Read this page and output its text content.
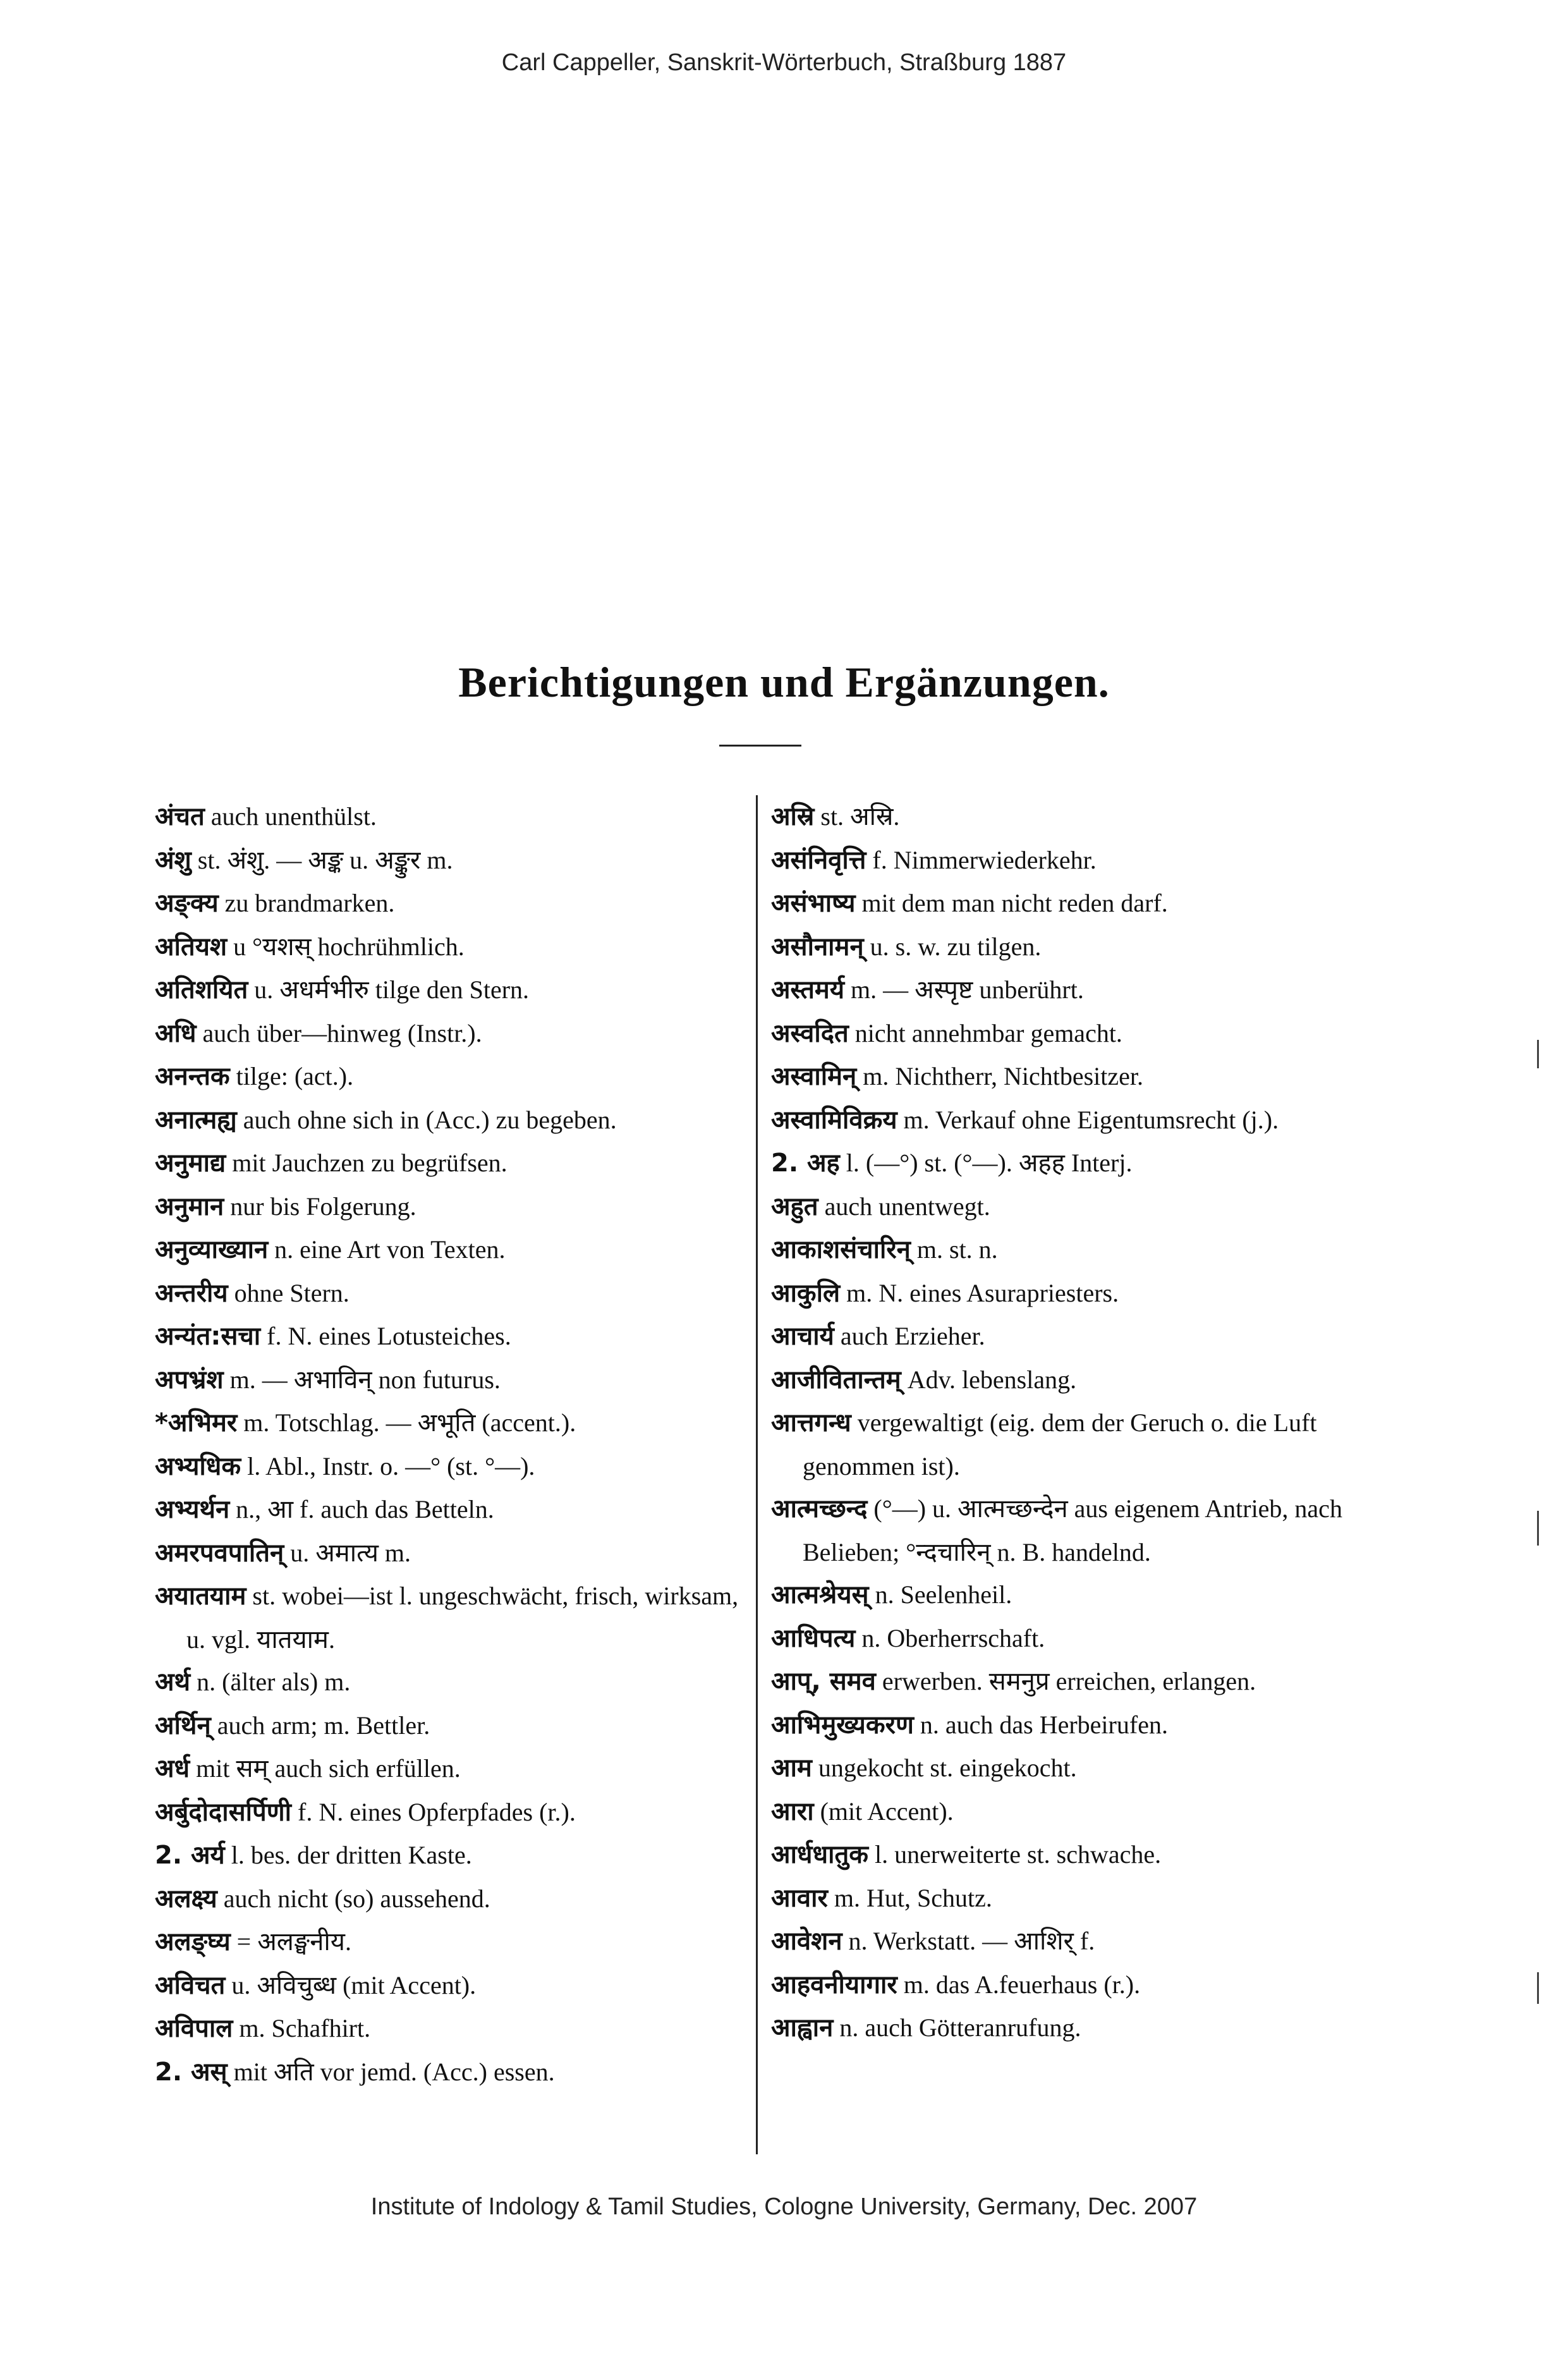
Carl Cappeller, Sanskrit-Wörterbuch, Straßburg 1887
Berichtigungen und Ergänzungen.

अंचत auch unenthülst.

अंशु st. अंशु. — अङ्क u. अङ्कुर m.

अङ्क्य zu brandmarken.

अतियश u °यशस् hochrühmlich.

अतिशयित u. अधर्मभीरु tilge den Stern.

अधि auch über—hinweg (Instr.).

अनन्तक tilge: (act.).

अनात्मह्य auch ohne sich in (Acc.) zu begeben.

अनुमाद्य mit Jauchzen zu begrüfsen.

अनुमान nur bis Folgerung.

अनुव्याख्यान n. eine Art von Texten.

अन्तरीय ohne Stern.

अन्यंत:सचा f. N. eines Lotusteiches.

अपभ्रंश m. — अभाविन् non futurus.

*अभिमर m. Totschlag. — अभूति (accent.).

अभ्यधिक l. Abl., Instr. o. —° (st. °—).

अभ्यर्थन n., आ f. auch das Betteln.

अमरपवपातिन् u. अमात्य m.

अयातयाम st. wobei—ist l. ungeschwächt, frisch, wirksam, u. vgl. यातयाम.

अर्थ n. (älter als) m.

अर्थिन् auch arm; m. Bettler.

अर्ध mit सम् auch sich erfüllen.

अर्बुदोदासर्पिणी f. N. eines Opferpfades (r.).

2. अर्य l. bes. der dritten Kaste.

अलक्ष्य auch nicht (so) aussehend.

अलङ्घ्य = अलङ्घनीय.

अविचत u. अविचुब्ध (mit Accent).

अविपाल m. Schafhirt.

2. अस् mit अति vor jemd. (Acc.) essen.

अस्रि st. अस्रि.

असंनिवृत्ति f. Nimmerwiederkehr.

असंभाष्य mit dem man nicht reden darf.

असौनामन् u. s. w. zu tilgen.

अस्तमर्य m. — अस्पृष्ट unberührt.

अस्वदित nicht annehmbar gemacht.

अस्वामिन् m. Nichtherr, Nichtbesitzer.

अस्वामिविक्रय m. Verkauf ohne Eigentumsrecht (j.).

2. अह l. (—°) st. (°—). अहह Interj.

अहुत auch unentwegt.

आकाशसंचारिन् m. st. n.

आकुलि m. N. eines Asurapriesters.

आचार्य auch Erzieher.

आजीवितान्तम् Adv. lebenslang.

आत्तगन्ध vergewaltigt (eig. dem der Geruch o. die Luft genommen ist).

आत्मच्छन्द (°—) u. आत्मच्छन्देन aus eigenem Antrieb, nach Belieben; °न्दचारिन् n. B. handelnd.

आत्मश्रेयस् n. Seelenheil.

आधिपत्य n. Oberherrschaft.

आप्, समव erwerben. समनुप्र erreichen, erlangen.

आभिमुख्यकरण n. auch das Herbeirufen.

आम ungekocht st. eingekocht.

आरा (mit Accent).

आर्धधातुक l. unerweiterte st. schwache.

आवार m. Hut, Schutz.

आवेशन n. Werkstatt. — आशिर् f.

आहवनीयागार m. das A.feuerhaus (r.).

आह्वान n. auch Götteranrufung.

Institute of Indology & Tamil Studies, Cologne University, Germany, Dec. 2007
